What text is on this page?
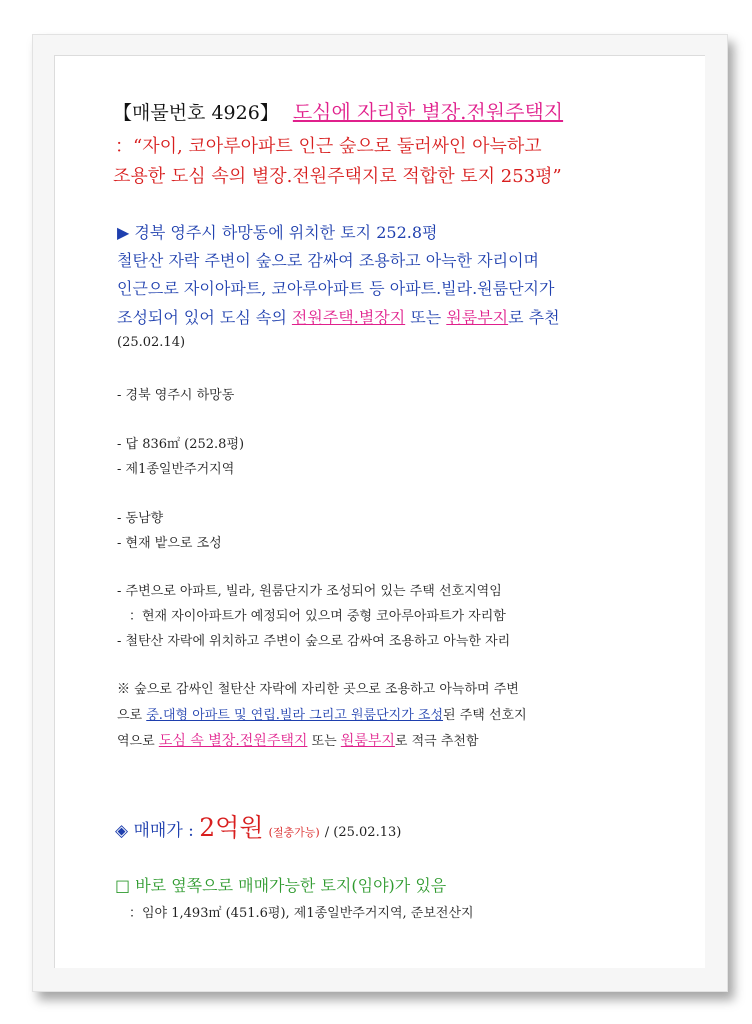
【매물번호 4926】 도심에 자리한 별장.전원주택지
：“자이, 코아루아파트 인근 숲으로 둘러싸인 아늑하고
조용한 도심 속의 별장.전원주택지로 적합한 토지 253평”
▶ 경북 영주시 하망동에 위치한 토지 252.8평
철탄산 자락 주변이 숲으로 감싸여 조용하고 아늑한 자리이며
인근으로 자이아파트, 코아루아파트 등 아파트.빌라.원룸단지가
조성되어 있어 도심 속의 전원주택.별장지 또는 원룸부지로 추천
(25.02.14)
- 경북 영주시 하망동
- 답 836㎡ (252.8평)
- 제1종일반주거지역
- 동남향
- 현재 밭으로 조성
- 주변으로 아파트, 빌라, 원룸단지가 조성되어 있는 주택 선호지역임
：현재 자이아파트가 예정되어 있으며 중형 코아루아파트가 자리함
- 철탄산 자락에 위치하고 주변이 숲으로 감싸여 조용하고 아늑한 자리
※ 숲으로 감싸인 철탄산 자락에 자리한 곳으로 조용하고 아늑하며 주변
으로 중.대형 아파트 및 연립.빌라 그리고 원룸단지가 조성된 주택 선호지
역으로 도심 속 별장.전원주택지 또는 원룸부지로 적극 추천함
◈ 매매가 : 2억원 (절충가능) / (25.02.13)
□ 바로 옆쪽으로 매매가능한 토지(임야)가 있음
：임야 1,493㎡ (451.6평), 제1종일반주거지역, 준보전산지
